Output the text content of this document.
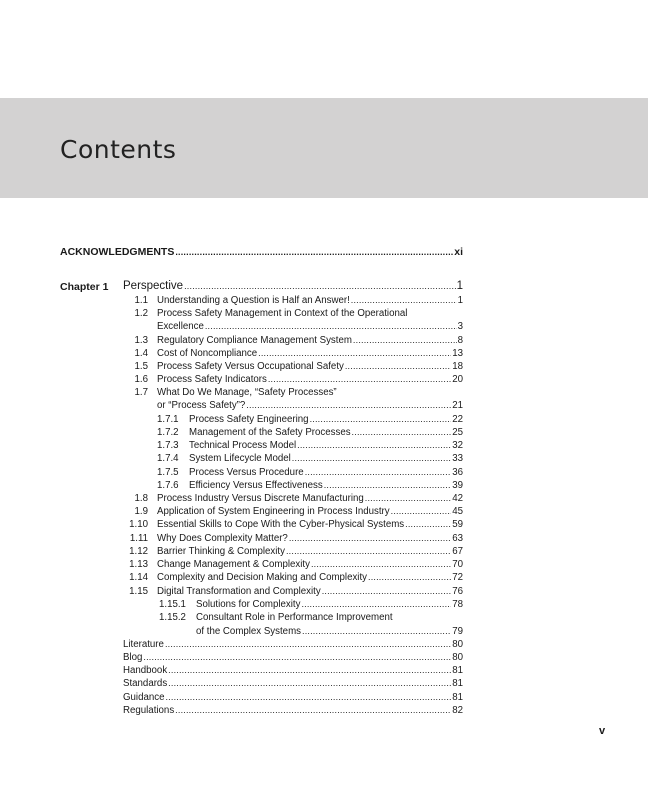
Contents
ACKNOWLEDGMENTS .....	xi
Chapter 1 Perspective .....	1
1.1 Understanding a Question is Half an Answer! .....	1
1.2 Process Safety Management in Context of the Operational
Excellence .....	3
1.3 Regulatory Compliance Management System .....	8
1.4 Cost of Noncompliance .....	13
1.5 Process Safety Versus Occupational Safety .....	18
1.6 Process Safety Indicators .....	20
1.7 What Do We Manage, “Safety Processes”
or “Process Safety”? .....	21
1.7.1	Process Safety Engineering .....	22
1.7.2	Management of the Safety Processes .....	25
1.7.3	Technical Process Model .....	32
1.7.4	System Lifecycle Model .....	33
1.7.5	Process Versus Procedure .....	36
1.7.6	Efficiency Versus Effectiveness .....	39
1.8 Process Industry Versus Discrete Manufacturing .....	42
1.9 Application of System Engineering in Process Industry .....	45
1.10 Essential Skills to Cope With the Cyber-Physical Systems .....	59
1.11 Why Does Complexity Matter? .....	63
1.12 Barrier Thinking & Complexity .....	67
1.13 Change Management & Complexity .....	70
1.14 Complexity and Decision Making and Complexity .....	72
1.15 Digital Transformation and Complexity .....	76
1.15.1	Solutions for Complexity .....	78
1.15.2	Consultant Role in Performance Improvement
of the Complex Systems .....	79
Literature .....	80
Blog .....	80
Handbook .....	81
Standards .....	81
Guidance .....	81
Regulations .....	82
v
